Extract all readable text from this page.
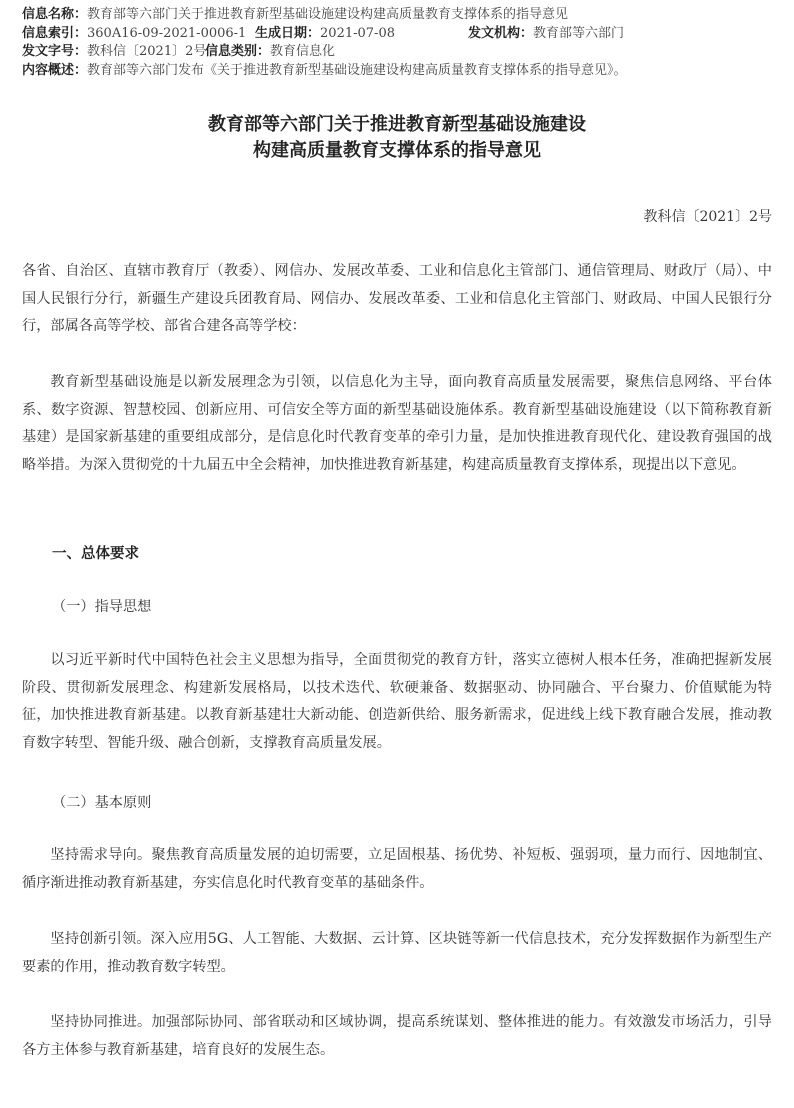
信息名称： 教育部等六部门关于推进教育新型基础设施建设构建高质量教育支撑体系的指导意见
信息索引： 360A16-09-2021-0006-1 生成日期： 2021-07-08	发文机构： 教育部等六部门
发文字号： 教科信〔2021〕2号
信息类别： 教育信息化
内容概述： 教育部等六部门发布《关于推进教育新型基础设施建设构建高质量教育支撑体系的指导意见》。
教育部等六部门关于推进教育新型基础设施建设
构建高质量教育支撑体系的指导意见
教科信〔2021〕2号

各省、自治区、直辖市教育厅（教委）、网信办、发展改革委、工业和信息化主管部门、通信管理局、财政厅（局）、中国人民银行分行，新疆生产建设兵团教育局、网信办、发展改革委、工业和信息化主管部门、财政局、中国人民银行分行，部属各高等学校、部省合建各高等学校：

教育新型基础设施是以新发展理念为引领，以信息化为主导，面向教育高质量发展需要，聚焦信息网络、平台体系、数字资源、智慧校园、创新应用、可信安全等方面的新型基础设施体系。教育新型基础设施建设（以下简称教育新基建）是国家新基建的重要组成部分，是信息化时代教育变革的牵引力量，是加快推进教育现代化、建设教育强国的战略举措。为深入贯彻党的十九届五中全会精神，加快推进教育新基建，构建高质量教育支撑体系，现提出以下意见。

一、总体要求
（一）指导思想

以习近平新时代中国特色社会主义思想为指导，全面贯彻党的教育方针，落实立德树人根本任务，准确把握新发展阶段、贯彻新发展理念、构建新发展格局，以技术迭代、软硬兼备、数据驱动、协同融合、平台聚力、价值赋能为特征，加快推进教育新基建。以教育新基建壮大新动能、创造新供给、服务新需求，促进线上线下教育融合发展，推动教育数字转型、智能升级、融合创新，支撑教育高质量发展。

（二）基本原则

坚持需求导向。聚焦教育高质量发展的迫切需要，立足固根基、扬优势、补短板、强弱项，量力而行、因地制宜、循序渐进推动教育新基建，夯实信息化时代教育变革的基础条件。

坚持创新引领。深入应用5G、人工智能、大数据、云计算、区块链等新一代信息技术，充分发挥数据作为新型生产要素的作用，推动教育数字转型。

坚持协同推进。加强部际协同、部省联动和区域协调，提高系统谋划、整体推进的能力。有效激发市场活力，引导各方主体参与教育新基建，培育良好的发展生态。
